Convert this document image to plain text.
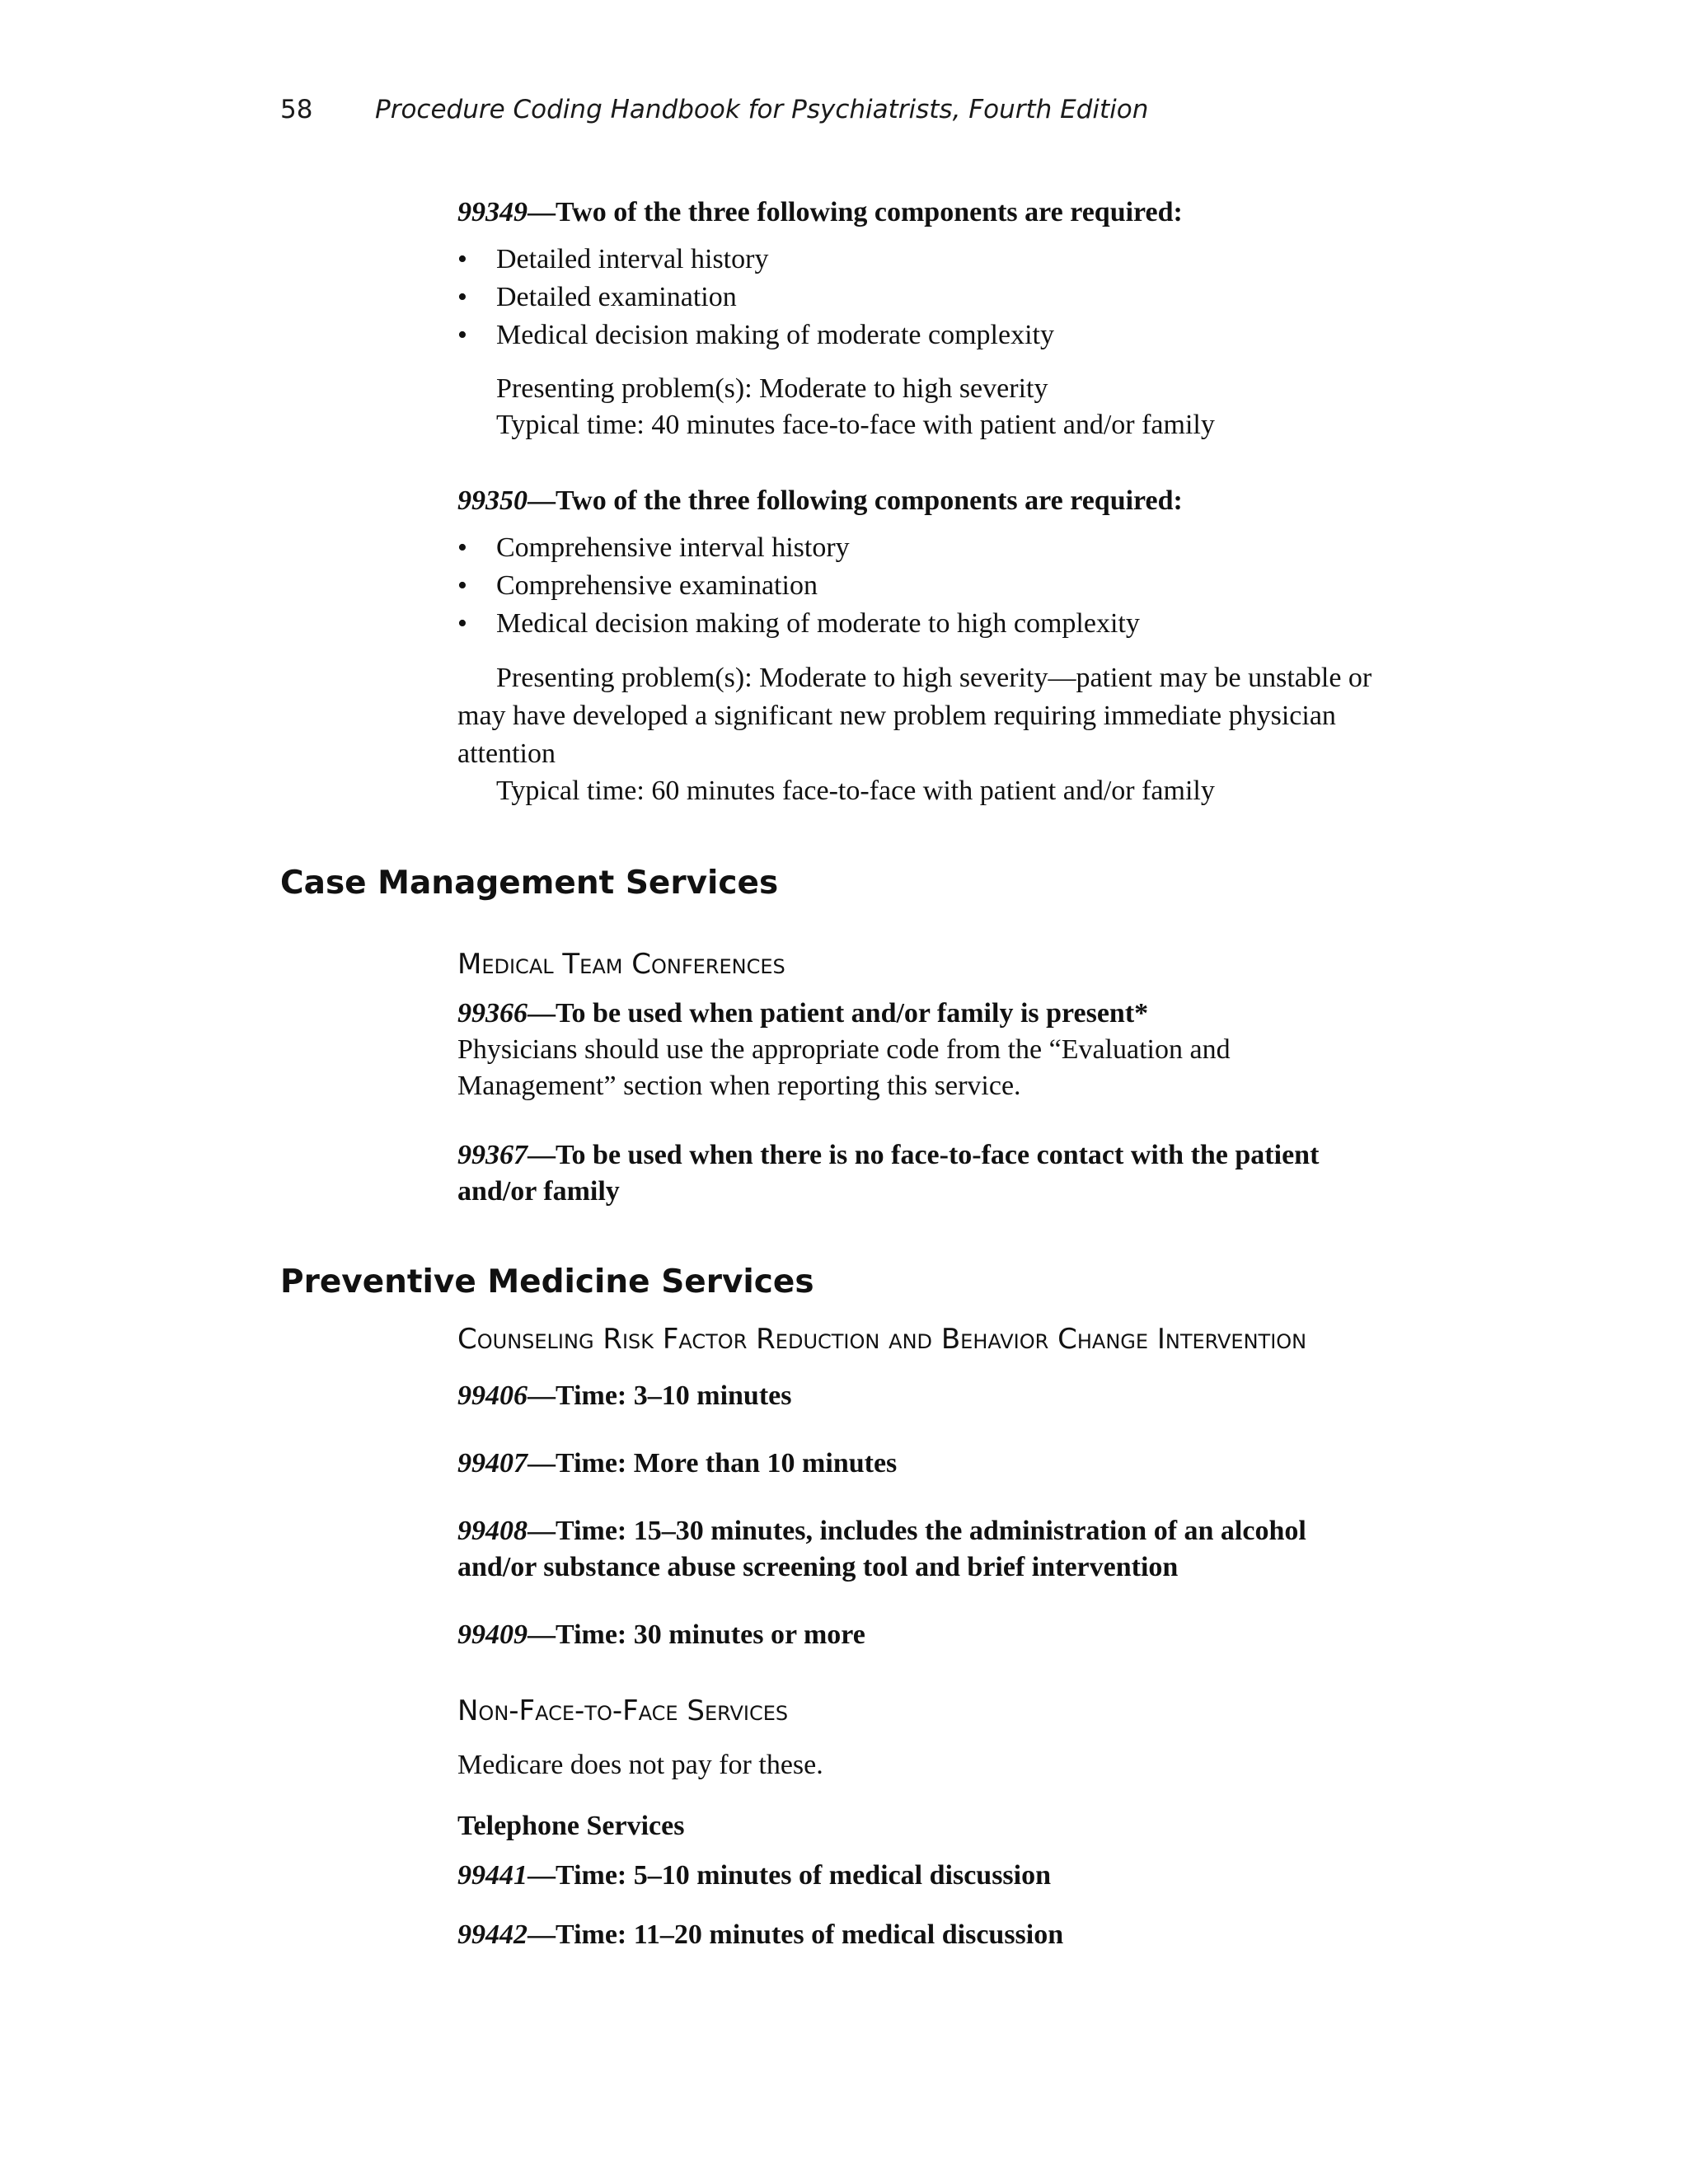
58 Procedure Coding Handbook for Psychiatrists, Fourth Edition

99349—Two of the three following components are required:

• Detailed interval history
• Detailed examination
• Medical decision making of moderate complexity

Presenting problem(s): Moderate to high severity

Typical time: 40 minutes face-to-face with patient and/or family

99350—Two of the three following components are required:

• Comprehensive interval history
• Comprehensive examination
• Medical decision making of moderate to high complexity

Presenting problem(s): Moderate to high severity—patient may be unstable or may have developed a significant new problem requiring immediate physician attention

Typical time: 60 minutes face-to-face with patient and/or family

Case Management Services

Medical Team Conferences

99366—To be used when patient and/or family is present*

Physicians should use the appropriate code from the “Evaluation and Management” section when reporting this service.

99367—To be used when there is no face-to-face contact with the patient and/or family

Preventive Medicine Services

Counseling Risk Factor Reduction and Behavior Change Intervention

99406—Time: 3–10 minutes

99407—Time: More than 10 minutes

99408—Time: 15–30 minutes, includes the administration of an alcohol and/or substance abuse screening tool and brief intervention

99409—Time: 30 minutes or more

Non-Face-to-Face Services

Medicare does not pay for these.

Telephone Services

99441—Time: 5–10 minutes of medical discussion

99442—Time: 11–20 minutes of medical discussion
